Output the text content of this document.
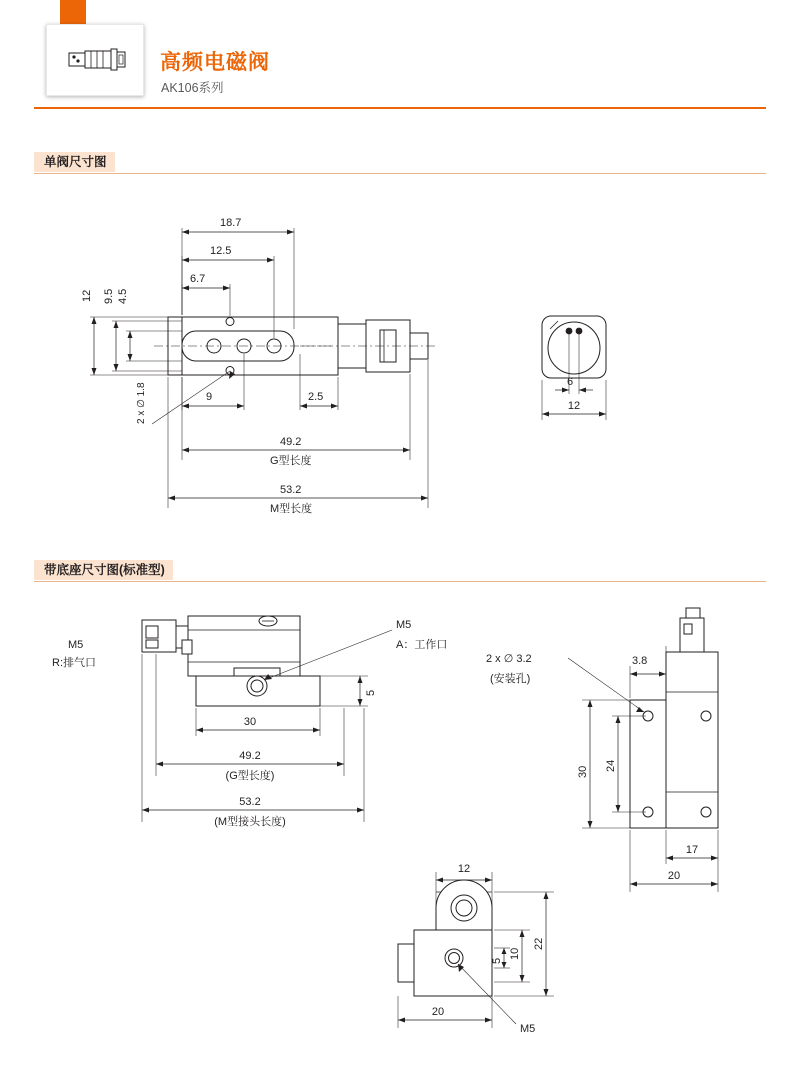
高频电磁阀
AK106系列
单阀尺寸图
18.7
12.5
6.7
4.5
9.5
12
9	2.5
2 x ∅ 1.8
49.2
G型长度
53.2
M型长度
6
12
带底座尺寸图(标准型)
M5
A：工作口
M5
R:排气口
5
30
49.2
(G型长度)
53.2
(M型接头长度)
2 x ∅ 3.2
(安装孔)
3.8
30 24
17
20
12
22
10
5
20
M5
